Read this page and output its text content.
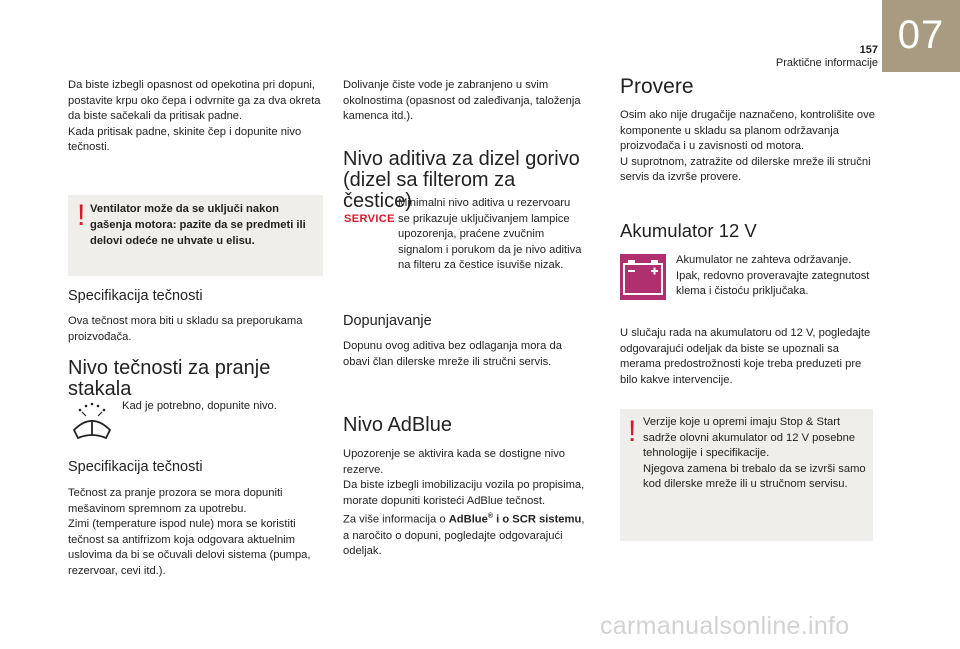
157
Praktične informacije
07

Da biste izbegli opasnost od opekotina pri dopuni, postavite krpu oko čepa i odvrnite ga za dva okreta da biste sačekali da pritisak padne.

Kada pritisak padne, skinite čep i dopunite nivo tečnosti.

! Ventilator može da se uključi nakon gašenja motora: pazite da se predmeti ili delovi odeće ne uhvate u elisu.

Specifikacija tečnosti

Ova tečnost mora biti u skladu sa preporukama proizvođača.

Nivo tečnosti za pranje stakala

Kad je potrebno, dopunite nivo.

Specifikacija tečnosti

Tečnost za pranje prozora se mora dopuniti mešavinom spremnom za upotrebu.

Zimi (temperature ispod nule) mora se koristiti tečnost sa antifrizom koja odgovara aktuelnim uslovima da bi se očuvali delovi sistema (pumpa, rezervoar, cevi itd.).

Dolivanje čiste vode je zabranjeno u svim okolnostima (opasnost od zaleđivanja, taloženja kamenca itd.).

Nivo aditiva za dizel gorivo (dizel sa filterom za čestice)
SERVICE

Minimalni nivo aditiva u rezervoaru se prikazuje uključivanjem lampice upozorenja, praćene zvučnim signalom i porukom da je nivo aditiva na filteru za čestice isuviše nizak.

Dopunjavanje

Dopunu ovog aditiva bez odlaganja mora da obavi član dilerske mreže ili stručni servis.

Nivo AdBlue

Upozorenje se aktivira kada se dostigne nivo rezerve.

Da biste izbegli imobilizaciju vozila po propisima, morate dopuniti koristeći AdBlue tečnost.

Za više informacija o AdBlue® i o SCR sistemu, a naročito o dopuni, pogledajte odgovarajući odeljak.

Provere

Osim ako nije drugačije naznačeno, kontrolišite ove komponente u skladu sa planom održavanja proizvođača i u zavisnosti od motora.

U suprotnom, zatražite od dilerske mreže ili stručni servis da izvrše provere.

Akumulator 12 V

Akumulator ne zahteva održavanje. Ipak, redovno proveravajte zategnutost klema i čistoću priključaka.

U slučaju rada na akumulatoru od 12 V, pogledajte odgovarajući odeljak da biste se upoznali sa merama predostrožnosti koje treba preduzeti pre bilo kakve intervencije.

! Verzije koje u opremi imaju Stop & Start sadrže olovni akumulator od 12 V posebne tehnologije i specifikacije.

Njegova zamena bi trebalo da se izvrši samo kod dilerske mreže ili u stručnom servisu.

carmanualsonline.info
